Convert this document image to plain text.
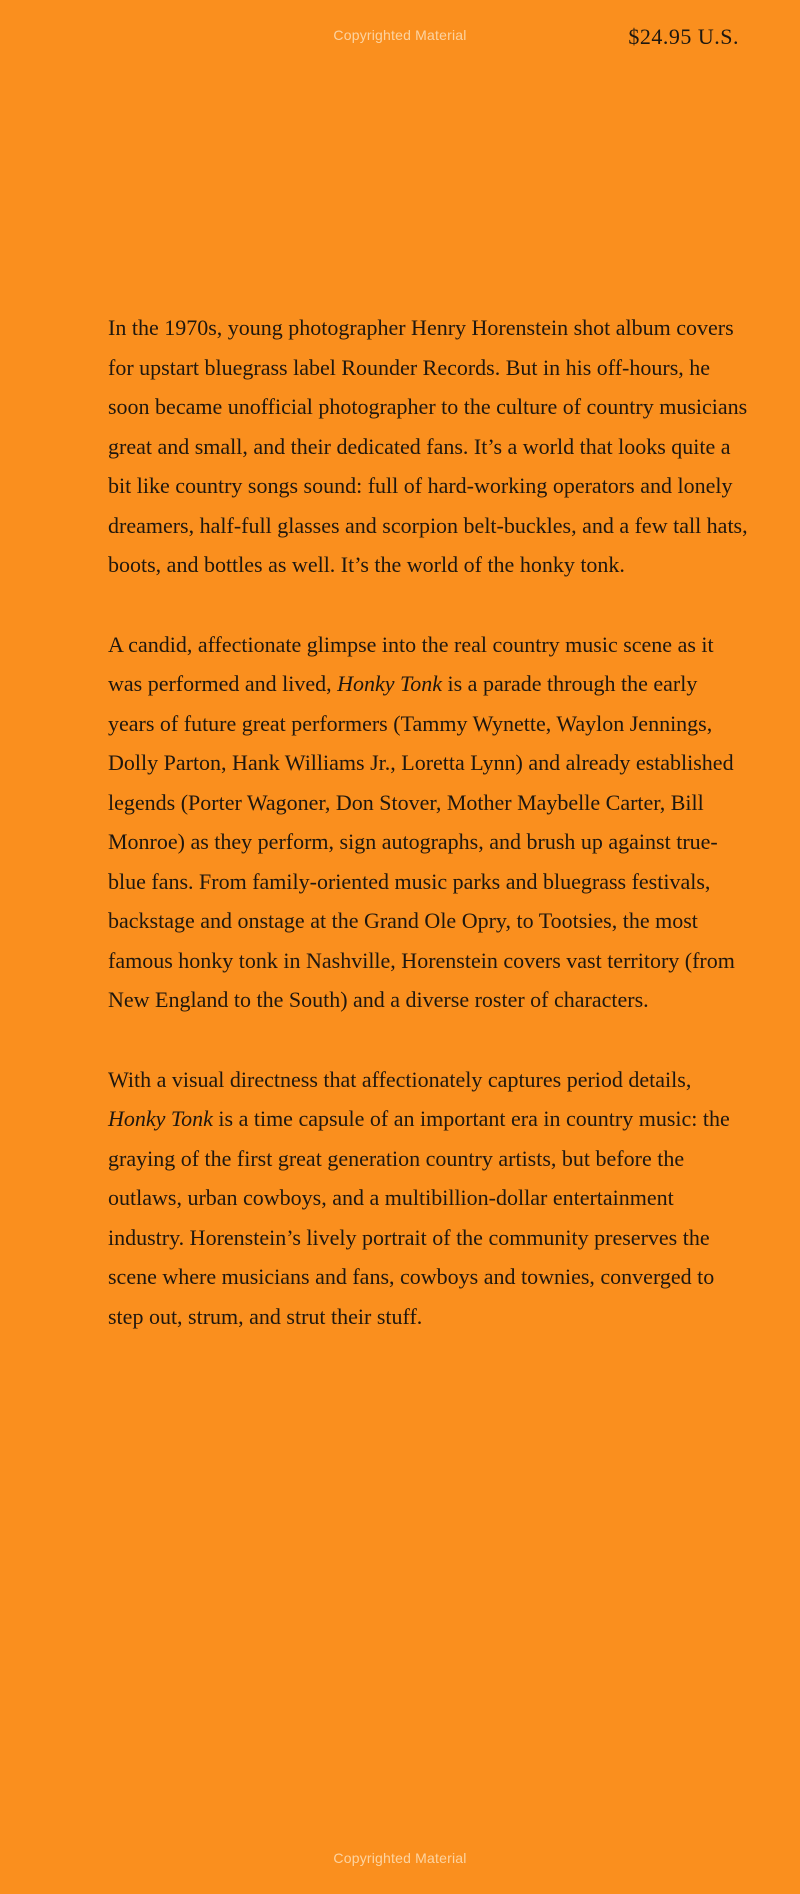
Copyrighted Material	$24.95 U.S.

In the 1970s, young photographer Henry Horenstein shot album covers for upstart bluegrass label Rounder Records. But in his off-hours, he soon became unofficial photographer to the culture of country musicians great and small, and their dedicated fans. It’s a world that looks quite a bit like country songs sound: full of hard-working operators and lonely dreamers, half-full glasses and scorpion belt-buckles, and a few tall hats, boots, and bottles as well. It’s the world of the honky tonk.

A candid, affectionate glimpse into the real country music scene as it was performed and lived, Honky Tonk is a parade through the early years of future great performers (Tammy Wynette, Waylon Jennings, Dolly Parton, Hank Williams Jr., Loretta Lynn) and already established legends (Porter Wagoner, Don Stover, Mother Maybelle Carter, Bill Monroe) as they perform, sign autographs, and brush up against true-blue fans. From family-oriented music parks and bluegrass festivals, backstage and onstage at the Grand Ole Opry, to Tootsies, the most famous honky tonk in Nashville, Horenstein covers vast territory (from New England to the South) and a diverse roster of characters.

With a visual directness that affectionately captures period details, Honky Tonk is a time capsule of an important era in country music: the graying of the first great generation country artists, but before the outlaws, urban cowboys, and a multibillion-dollar entertainment industry. Horenstein’s lively portrait of the community preserves the scene where musicians and fans, cowboys and townies, converged to step out, strum, and strut their stuff.

Copyrighted Material
